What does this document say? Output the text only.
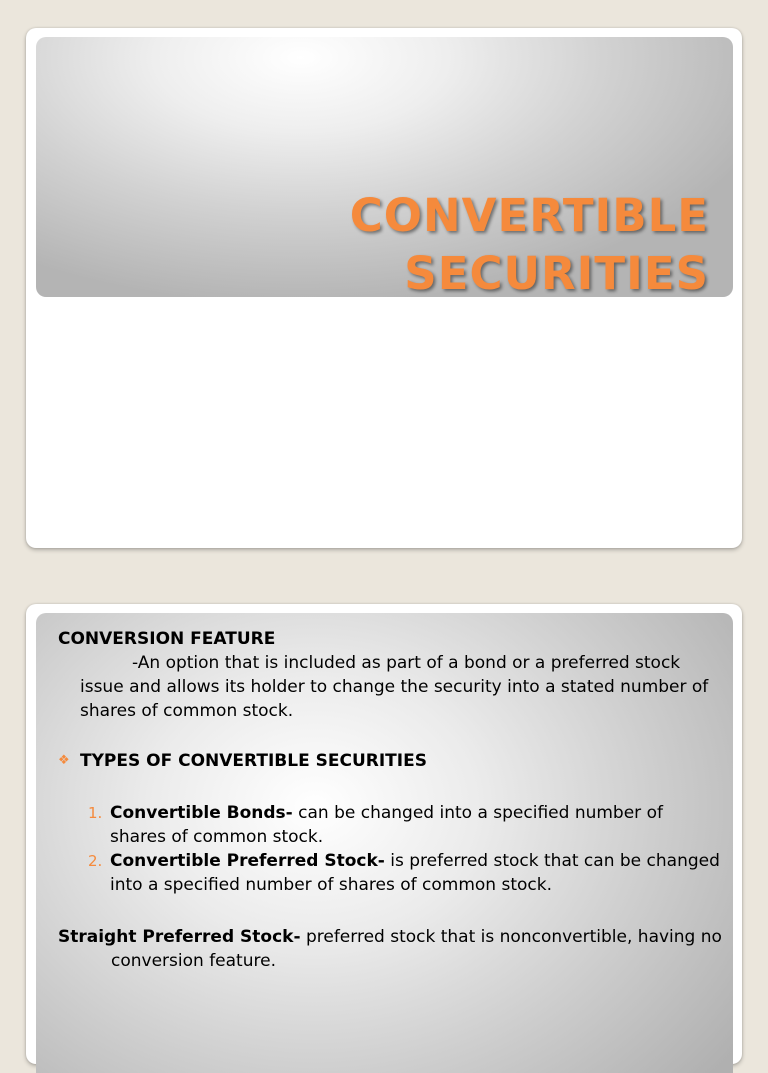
CONVERTIBLE
SECURITIES

CONVERSION FEATURE

-An option that is included as part of a bond or a preferred stock issue and allows its holder to change the security into a stated number of shares of common stock.

❖ TYPES OF CONVERTIBLE SECURITIES

1. Convertible Bonds- can be changed into a specified number of shares of common stock.

2. Convertible Preferred Stock- is preferred stock that can be changed into a specified number of shares of common stock.

Straight Preferred Stock- preferred stock that is nonconvertible, having no conversion feature.
